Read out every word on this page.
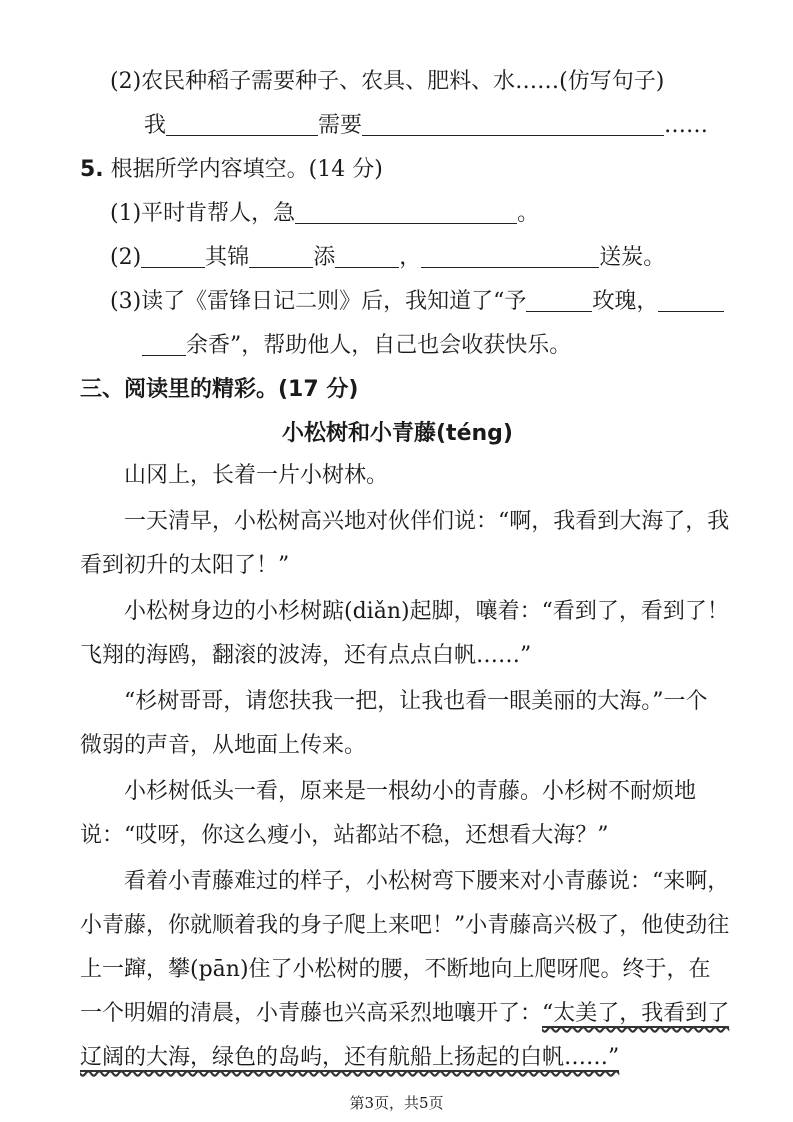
(2)农民种稻子需要种子、农具、肥料、水……(仿写句子)
我	需要	……
5. 根据所学内容填空。(14 分)
(1)平时肯帮人，急	。
(2)	其锦	添	，	送炭。
(3)读了《雷锋日记二则》后，我知道了“予	玫瑰，
余香”，帮助他人，自己也会收获快乐。
三、阅读里的精彩。(17 分)
小松树和小青藤(téng)
山冈上，长着一片小树林。
一天清早，小松树高兴地对伙伴们说：“啊，我看到大海了，我
看到初升的太阳了！”
小松树身边的小杉树踮(diǎn)起脚，嚷着：“看到了，看到了！
飞翔的海鸥，翻滚的波涛，还有点点白帆……”
“杉树哥哥，请您扶我一把，让我也看一眼美丽的大海。”一个
微弱的声音，从地面上传来。
小杉树低头一看，原来是一根幼小的青藤。小杉树不耐烦地
说：“哎呀，你这么瘦小，站都站不稳，还想看大海？”
看着小青藤难过的样子，小松树弯下腰来对小青藤说：“来啊，
小青藤，你就顺着我的身子爬上来吧！”小青藤高兴极了，他使劲往
上一蹿，攀(pān)住了小松树的腰，不断地向上爬呀爬。终于，在
一个明媚的清晨，小青藤也兴高采烈地嚷开了：“太美了，我看到了
辽阔的大海，绿色的岛屿，还有航船上扬起的白帆……”
第3页，共5页
